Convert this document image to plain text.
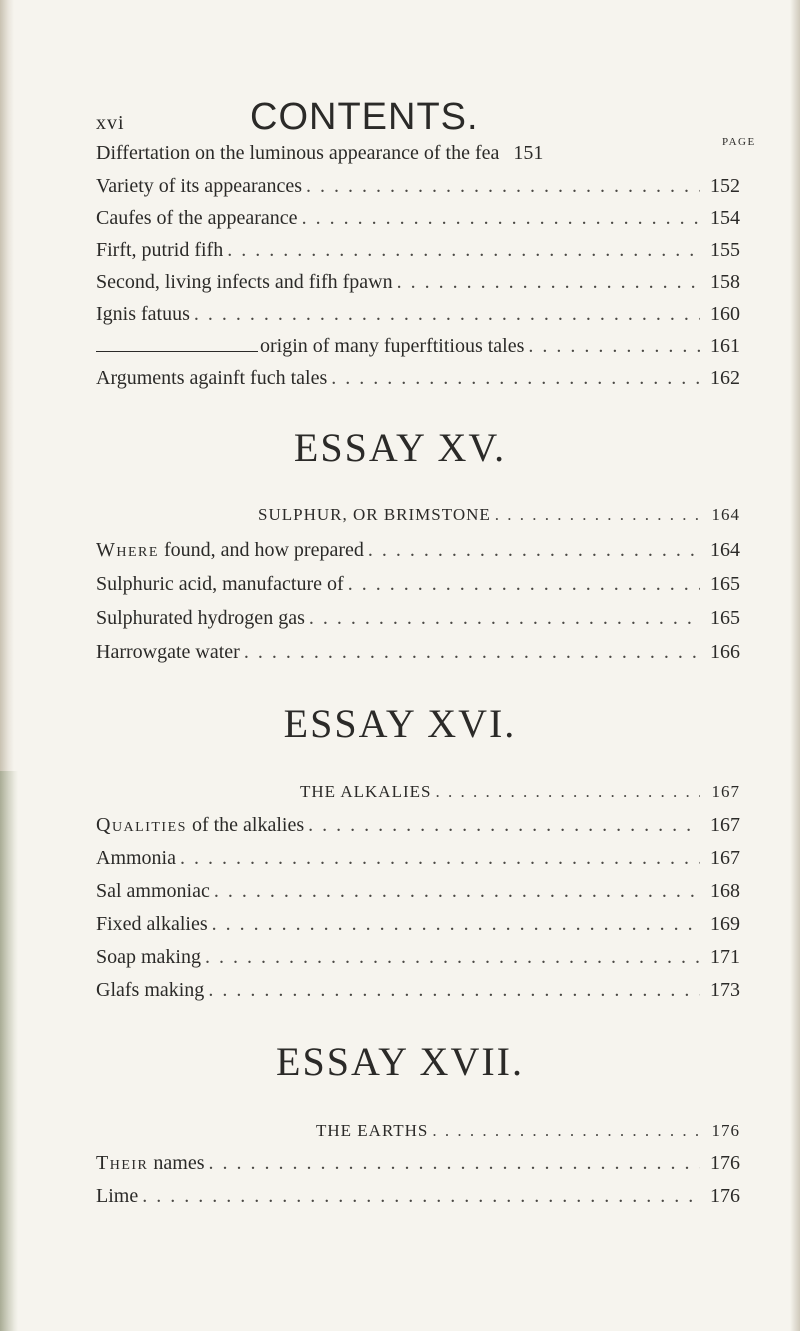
xvi	CONTENTS.
PAGE
Differtation on the luminous appearance of the fea 151
Variety of its appearances . . .	152
Caufes of the appearance . . .	154
Firft, putrid fifh . . .	155
Second, living infects and fifh fpawn . . .	158
Ignis fatuus . . .	160
origin of many fuperftitious tales . . .	161
Arguments againft fuch tales . . .	162
ESSAY XV.
SULPHUR, OR BRIMSTONE . . .	164
Where found, and how prepared . . .	164
Sulphuric acid, manufacture of . . .	165
Sulphurated hydrogen gas . . .	165
Harrowgate water . . .	166
ESSAY XVI.
THE ALKALIES . . .	167
Qualities of the alkalies . . .	167
Ammonia . . .	167
Sal ammoniac . . .	168
Fixed alkalies . . .	169
Soap making . . .	171
Glafs making . . .	173
ESSAY XVII.
THE EARTHS . . .	176
Their names . . .	176
Lime . . .	176
